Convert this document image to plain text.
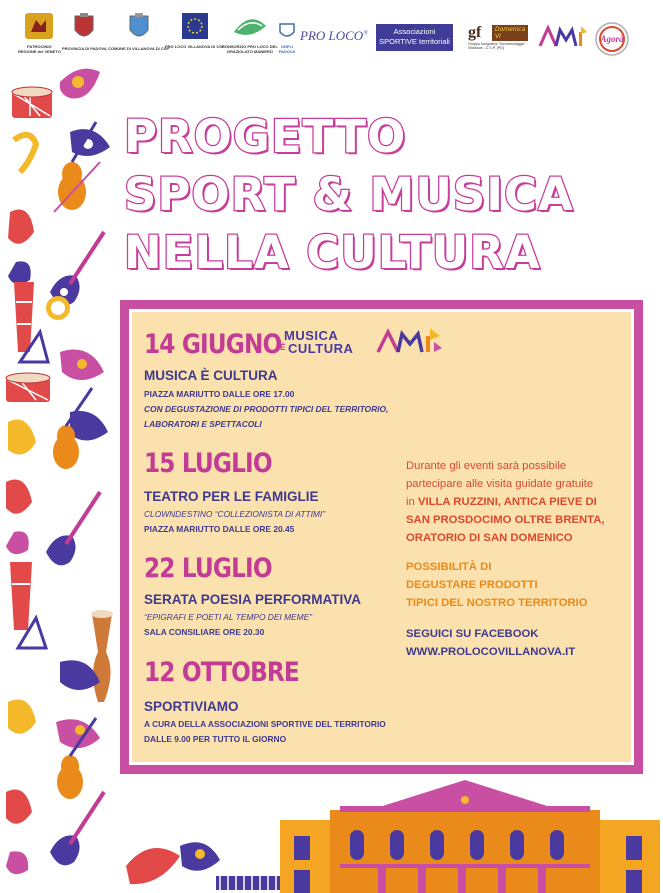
PATROCINIO
REGIONE del VENETO
PROVINCIA DI PADOVA COMUNE DI VILLANOVA DI CSP
PRO LOCO VILLANOVA DI CSP
CONSORZIO PRO LOCO DEL
GRAZIOLATO MANIERO
UNPLI
PADOVA
PRO LOCO®	Associazioni
SPORTIVE territoriali
gf	Domenica VI
Gruppo fotografico "Incontroviaggio"
Villanova - C.S.P. (PD)
Agorà
PROGETTO
SPORT & MUSICA
NELLA CULTURA
MUSICA
È CULTURA
14 GIUGNO
MUSICA È CULTURA
PIAZZA MARIUTTO DALLE ORE 17.00
CON DEGUSTAZIONE DI PRODOTTI TIPICI DEL TERRITORIO,
LABORATORI E SPETTACOLI
15 LUGLIO
TEATRO PER LE FAMIGLIE
CLOWNDESTINO “COLLEZIONISTA DI ATTIMI”
PIAZZA MARIUTTO DALLE ORE 20.45
22 LUGLIO
SERATA POESIA PERFORMATIVA
“EPIGRAFI E POETI AL TEMPO DEI MEME”
SALA CONSILIARE ORE 20.30
12 OTTOBRE
SPORTIVIAMO
A CURA DELLA ASSOCIAZIONI SPORTIVE DEL TERRITORIO
DALLE 9.00 PER TUTTO IL GIORNO
Durante gli eventi sarà possibile
partecipare alle visita guidate gratuite
in VILLA RUZZINI, ANTICA PIEVE DI
SAN PROSDOCIMO OLTRE BRENTA,
ORATORIO DI SAN DOMENICO
POSSIBILITÀ DI
DEGUSTARE PRODOTTI
TIPICI DEL NOSTRO TERRITORIO
SEGUICI SU FACEBOOK
WWW.PROLOCOVILLANOVA.IT
